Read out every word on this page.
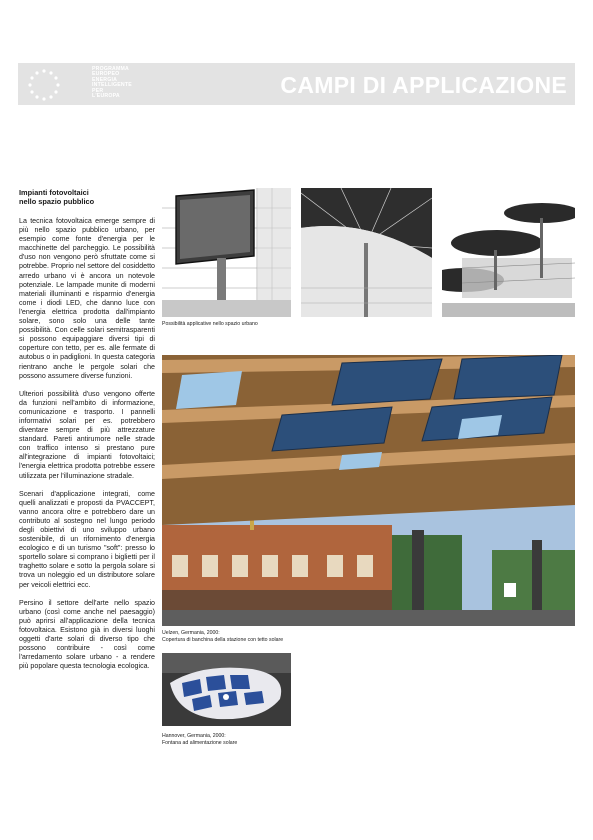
PROGRAMMA
EUROPEO
ENERGIA
INTELLIGENTE
PER
L'EUROPA	CAMPI DI APPLICAZIONE
Impianti fotovoltaici
nello spazio pubblico

La tecnica fotovoltaica emerge sempre di più nello spazio pubblico urbano, per esempio come fonte d'energia per le macchinette del parcheggio. Le possibilità d'uso non vengono però sfruttate come si potrebbe. Proprio nel settore del cosiddetto arredo urbano vi è ancora un notevole potenziale. Le lampade munite di moderni materiali illuminanti e risparmio d'energia come i diodi LED, che danno luce con l'energia elettrica prodotta dall'impianto solare, sono solo una delle tante possibilità. Con celle solari semitrasparenti si possono equipaggiare diversi tipi di coperture con tetto, per es. alle fermate di autobus o in padiglioni. In questa categoria rientrano anche le pergole solari che possono assumere diverse funzioni.

Ulteriori possibilità d'uso vengono offerte da funzioni nell'ambito di informazione, comunicazione e trasporto. I pannelli informativi solari per es. potrebbero diventare sempre di più attrezzature standard. Pareti antirumore nelle strade con traffico intenso si prestano pure all'integrazione di impianti fotovoltaici; l'energia elettrica prodotta potrebbe essere utilizzata per l'illuminazione stradale.

Scenari d'applicazione integrati, come quelli analizzati e proposti da PVACCEPT, vanno ancora oltre e potrebbero dare un contributo al sostegno nel lungo periodo degli obiettivi di uno sviluppo urbano sostenibile, di un rifornimento d'energia ecologico e di un turismo "soft": presso lo sportello solare si comprano i biglietti per il traghetto solare e sotto la pergola solare si trova un noleggio ed un distributore solare per veicoli elettrici ecc.

Persino il settore dell'arte nello spazio urbano (così come anche nel paesaggio) può aprirsi all'applicazione della tecnica fotovoltaica. Esistono già in diversi luoghi oggetti d'arte solari di diverso tipo che possono contribuire - così come l'arredamento solare urbano - a rendere più popolare questa tecnologia ecologica.

Possibilità applicative nello spazio urbano
Uelzen, Germania, 2000:
Copertura di banchina della stazione con tetto solare
Hannover, Germania, 2000:
Fontana ad alimentazione solare
